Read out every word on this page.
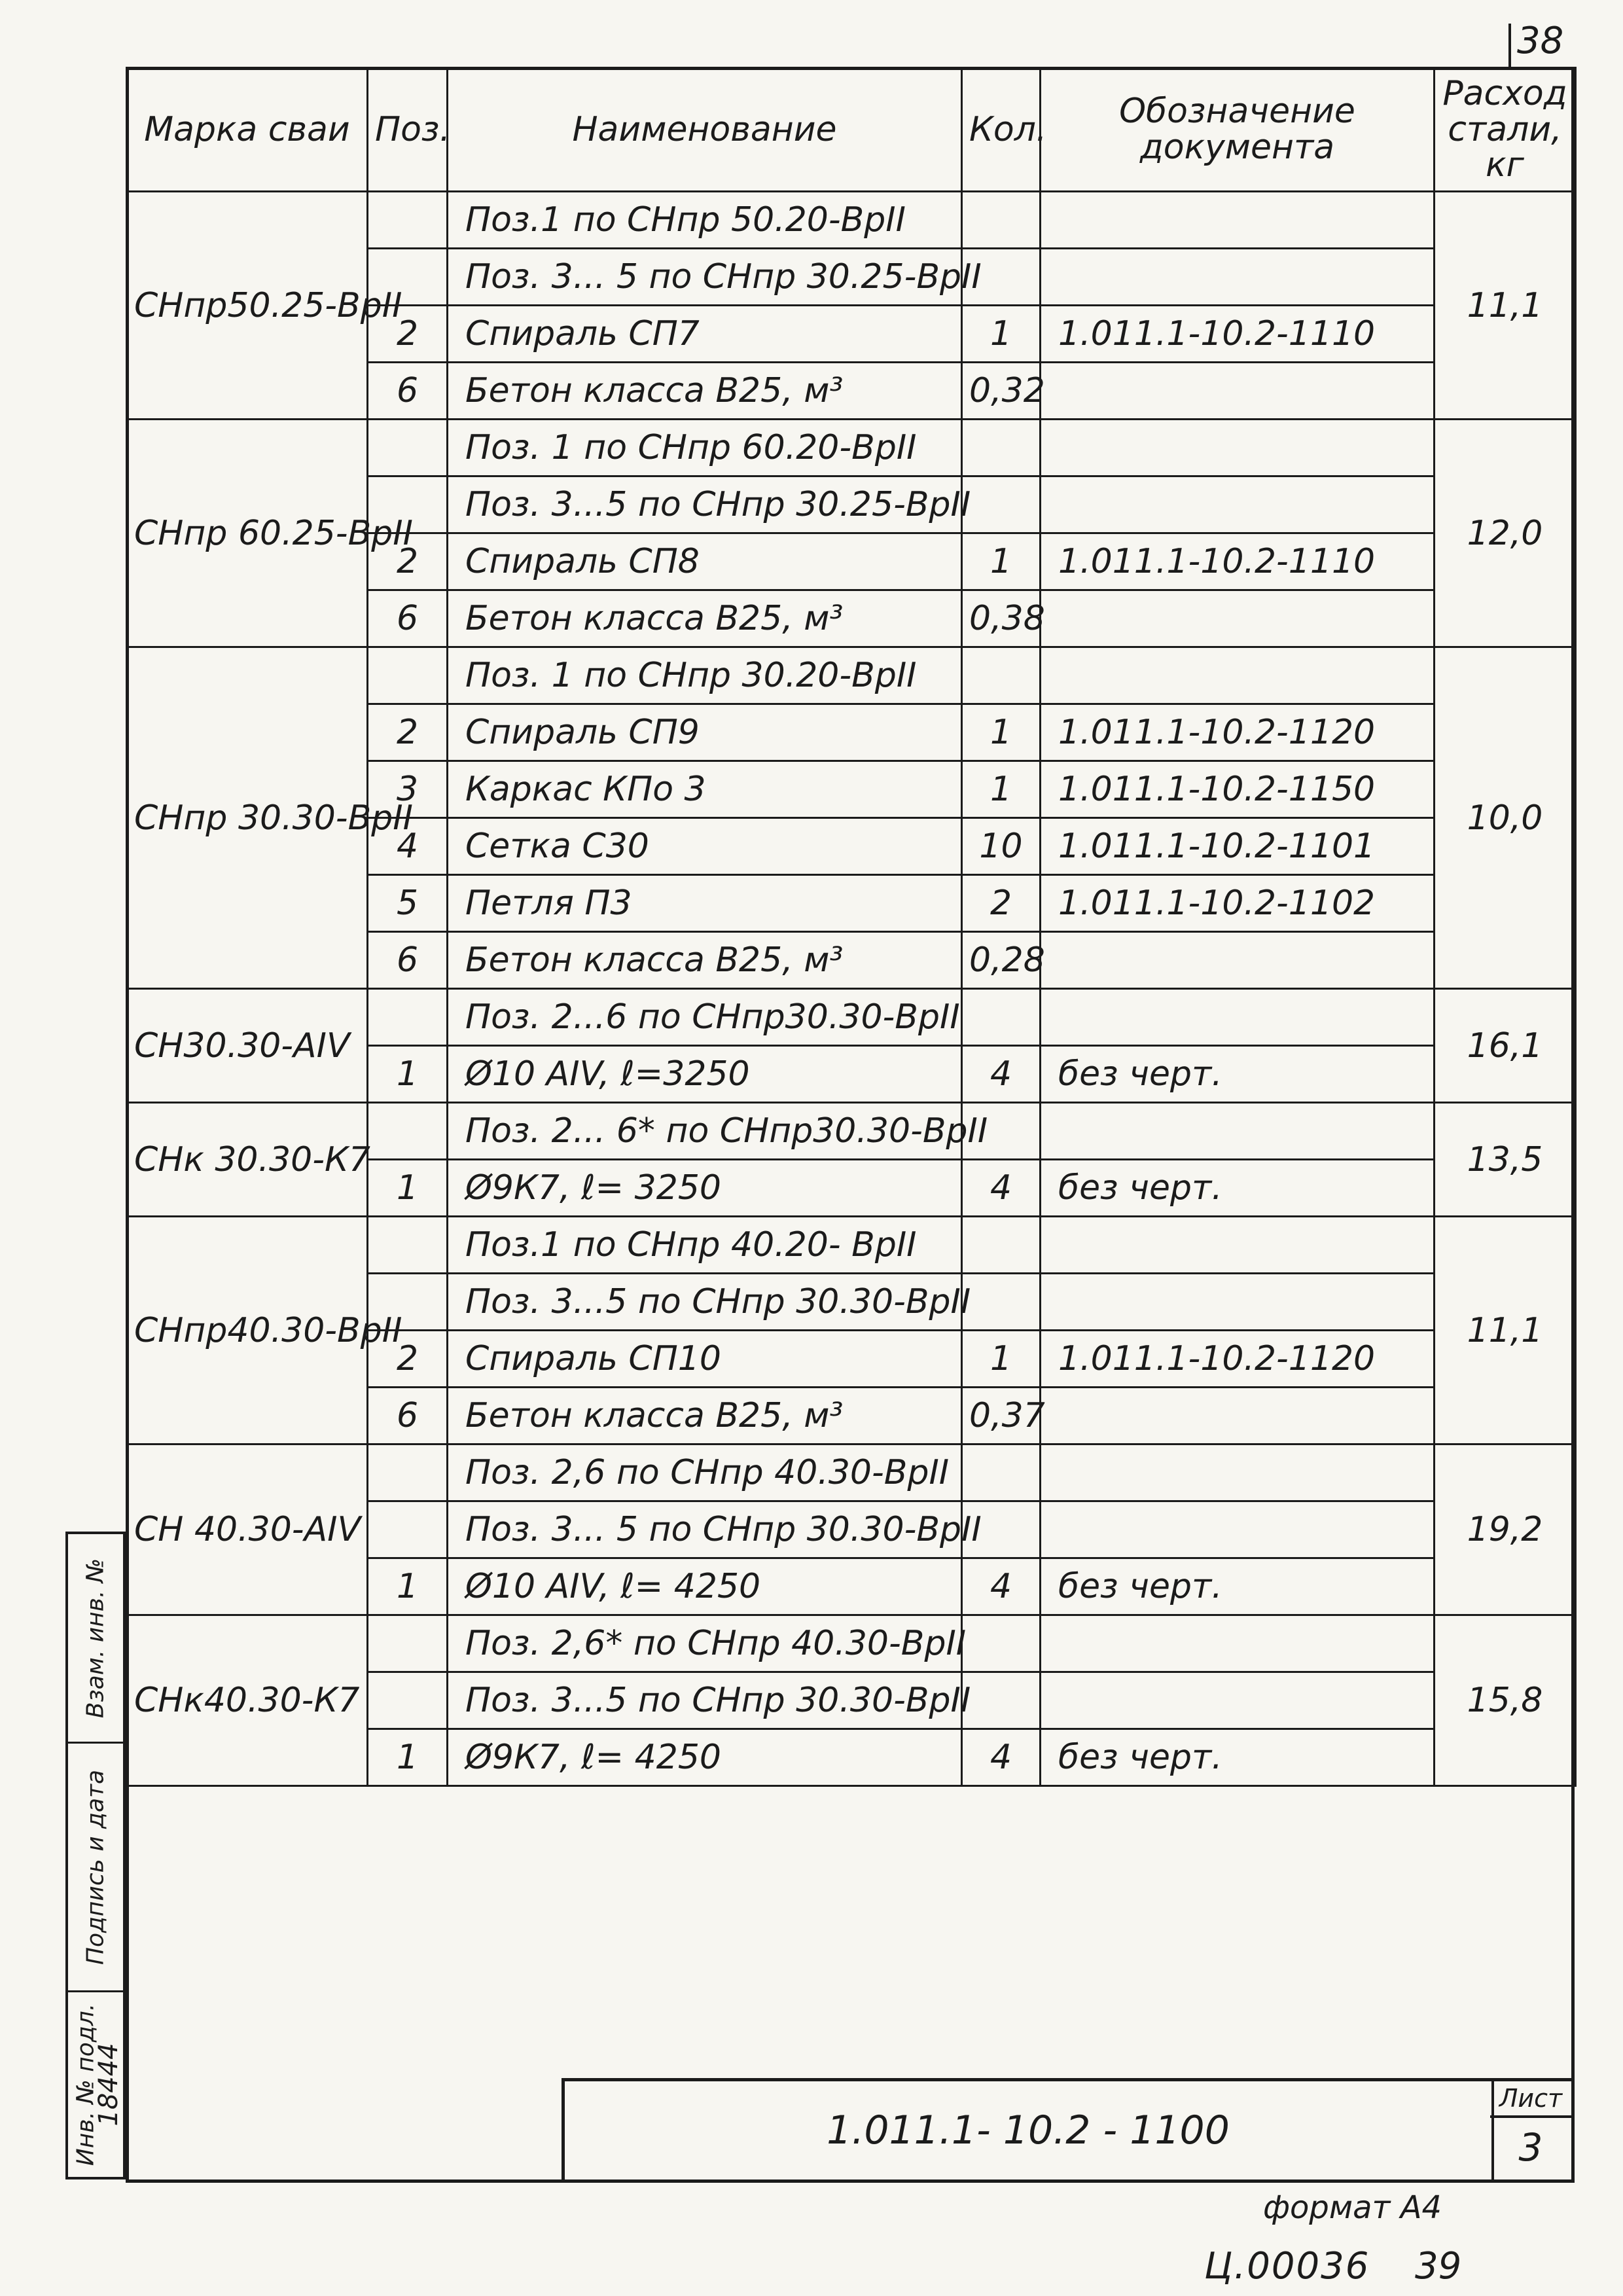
38
Марка сваи	Поз.	Наименование	Кол.	Обозначение документа	Расход стали, кг
СНпр50.25-ВрII		Поз.1 по СНпр 50.20-ВрII			11,1
		Поз. 3... 5 по СНпр 30.25-ВрII			
	2	Спираль СП7	1	1.011.1-10.2-1110	
	6	Бетон класса В25, м³	0,32		
СНпр 60.25-ВрII		Поз. 1 по СНпр 60.20-ВрII			12,0
		Поз. 3...5 по СНпр 30.25-ВрII			
	2	Спираль СП8	1	1.011.1-10.2-1110	
	6	Бетон класса В25, м³	0,38		
СНпр 30.30-ВрII		Поз. 1 по СНпр 30.20-ВрII			10,0
	2	Спираль СП9	1	1.011.1-10.2-1120	
	3	Каркас КПо 3	1	1.011.1-10.2-1150	
	4	Сетка С30	10	1.011.1-10.2-1101	
	5	Петля П3	2	1.011.1-10.2-1102	
	6	Бетон класса В25, м³	0,28		
СН30.30-АIV		Поз. 2...6 по СНпр30.30-ВрII			16,1
	1	Ø10 АIV, ℓ=3250	4	без черт.	
СНк 30.30-К7		Поз. 2... 6* по СНпр30.30-ВрII			13,5
	1	Ø9К7, ℓ= 3250	4	без черт.	
СНпр40.30-ВрII		Поз.1 по СНпр 40.20- ВрII			11,1
		Поз. 3...5 по СНпр 30.30-ВрII			
	2	Спираль СП10	1	1.011.1-10.2-1120	
	6	Бетон класса В25, м³	0,37		
СН 40.30-АIV		Поз. 2,6 по СНпр 40.30-ВрII			19,2
		Поз. 3... 5 по СНпр 30.30-ВрII			
	1	Ø10 АIV, ℓ= 4250	4	без черт.	
СНк40.30-К7		Поз. 2,6* по СНпр 40.30-ВрII			15,8
		Поз. 3...5 по СНпр 30.30-ВрII			
	1	Ø9К7, ℓ= 4250	4	без черт.	
Взам. инв. №
Подпись и дата
Инв. № подл.
18444
1.011.1- 10.2 - 1100
Лист
3
формат А4
Ц.00036 39
